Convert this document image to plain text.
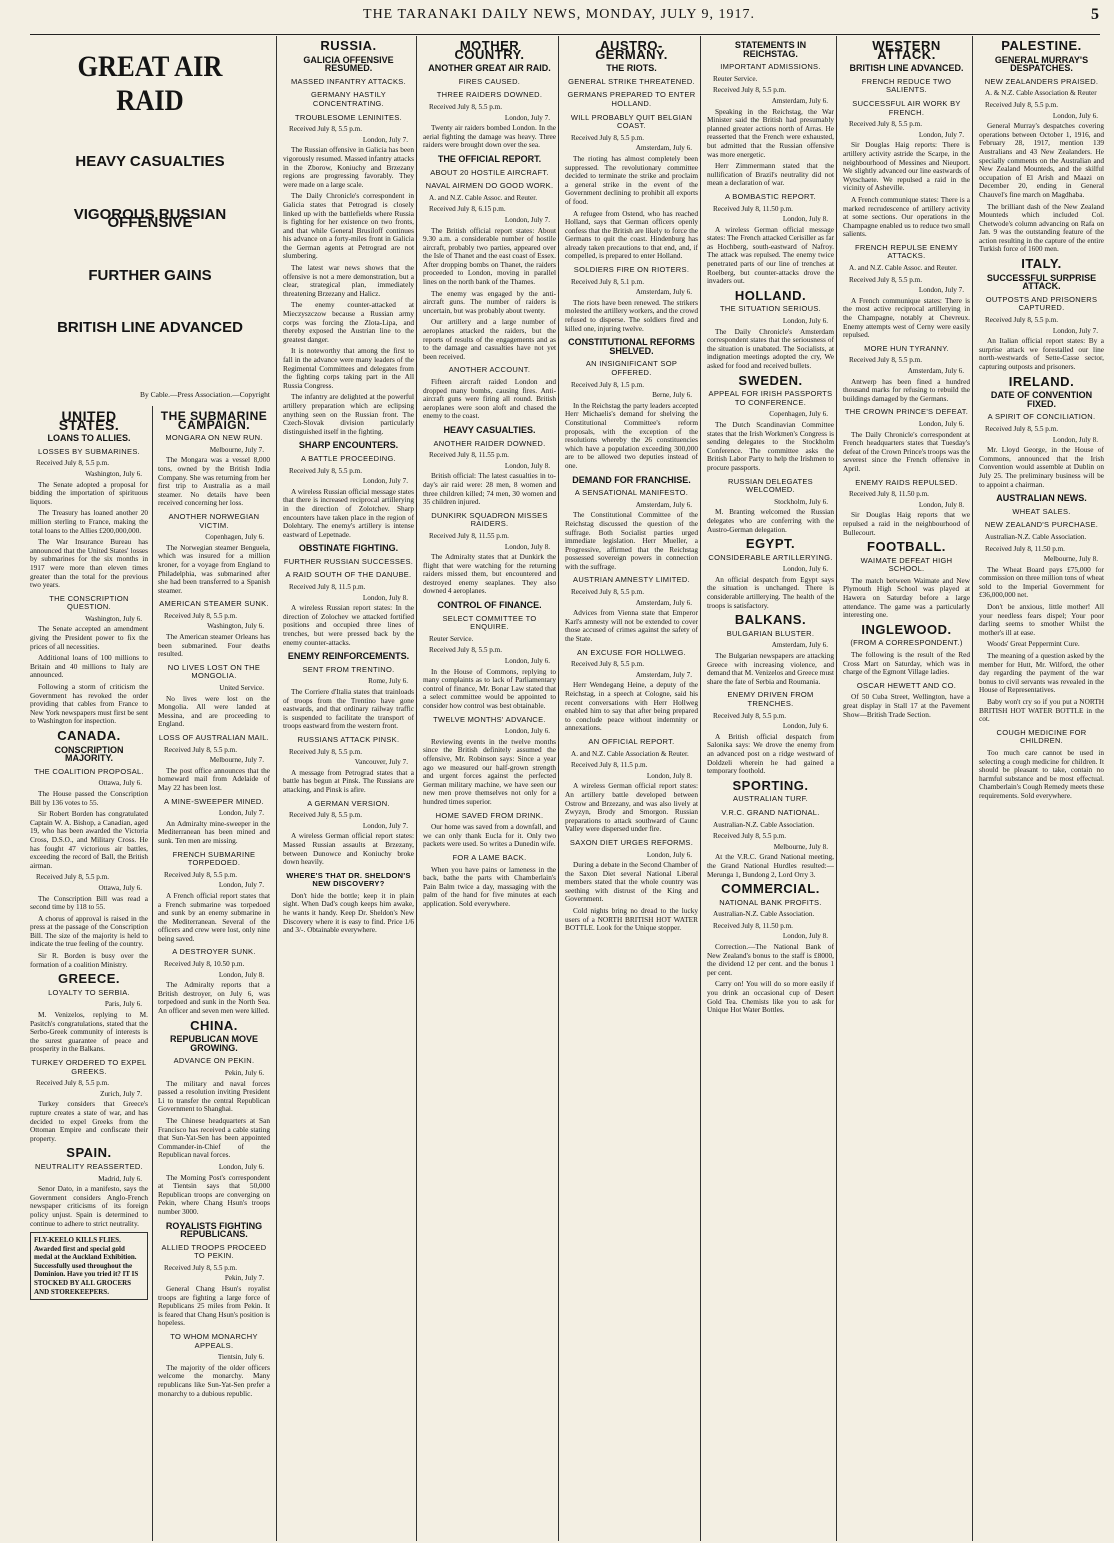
THE TARANAKI DAILY NEWS, MONDAY, JULY 9, 1917.	5
GREAT AIR RAID
HEAVY CASUALTIES
VIGOROUS RUSSIAN OFFENSIVE
FURTHER GAINS
BRITISH LINE ADVANCED
By Cable.—Press Association.—Copyright
UNITED STATES.
LOANS TO ALLIES.
LOSSES BY SUBMARINES.
Received July 8, 5.5 p.m.
Washington, July 6.

The Senate adopted a proposal for bidding the importation of spirituous liquors.

The Treasury has loaned another 20 million sterling to France, making the total loans to the Allies £200,000,000.

The War Insurance Bureau has announced that the United States' losses by submarines for the six months in 1917 were more than eleven times greater than the total for the previous two years.

THE CONSCRIPTION QUESTION.
Washington, July 6.

The Senate accepted an amendment giving the President power to fix the prices of all necessities.

Additional loans of 100 millions to Britain and 40 millions to Italy are announced.

Following a storm of criticism the Government has revoked the order providing that cables from France to New York newspapers must first be sent to Washington for inspection.

CANADA.
CONSCRIPTION MAJORITY.
THE COALITION PROPOSAL.
Ottawa, July 6.

The House passed the Conscription Bill by 136 votes to 55.

Sir Robert Borden has congratulated Captain W. A. Bishop, a Canadian, aged 19, who has been awarded the Victoria Cross, D.S.O., and Military Cross. He has fought 47 victorious air battles, exceeding the record of Ball, the British airman.

Received July 8, 5.5 p.m.
Ottawa, July 6.

The Conscription Bill was read a second time by 118 to 55.

A chorus of approval is raised in the press at the passage of the Conscription Bill. The size of the majority is held to indicate the true feeling of the country.

Sir R. Borden is busy over the formation of a coalition Ministry.

GREECE.
LOYALTY TO SERBIA.
Paris, July 6.

M. Venizelos, replying to M. Pasitch's congratulations, stated that the Serbo-Greek community of interests is the surest guarantee of peace and prosperity in the Balkans.

TURKEY ORDERED TO EXPEL GREEKS.
Received July 8, 5.5 p.m.
Zurich, July 7.

Turkey considers that Greece's rupture creates a state of war, and has decided to expel Greeks from the Ottoman Empire and confiscate their property.

SPAIN.
NEUTRALITY REASSERTED.
Madrid, July 6.

Senor Dato, in a manifesto, says the Government considers Anglo-French newspaper criticisms of its foreign policy unjust. Spain is determined to continue to adhere to strict neutrality.

FLY-KEELO KILLS FLIES. Awarded first and special gold medal at the Auckland Exhibition. Successfully used throughout the Dominion. Have you tried it? IT IS STOCKED BY ALL GROCERS AND STOREKEEPERS.
THE SUBMARINE CAMPAIGN.
MONGARA ON NEW RUN.
Melbourne, July 7.

The Mongara was a vessel 8,000 tons, owned by the British India Company. She was returning from her first trip to Australia as a mail steamer. No details have been received concerning her loss.

ANOTHER NORWEGIAN VICTIM.
Copenhagen, July 6.

The Norwegian steamer Benguela, which was insured for a million kroner, for a voyage from England to Philadelphia, was submarined after she had been transferred to a Spanish steamer.

AMERICAN STEAMER SUNK.
Received July 8, 5.5 p.m.
Washington, July 6.

The American steamer Orleans has been submarined. Four deaths resulted.

NO LIVES LOST ON THE MONGOLIA.
United Service.

No lives were lost on the Mongolia. All were landed at Messina, and are proceeding to England.

LOSS OF AUSTRALIAN MAIL.
Received July 8, 5.5 p.m.
Melbourne, July 7.

The post office announces that the homeward mail from Adelaide of May 22 has been lost.

A MINE-SWEEPER MINED.
London, July 7.

An Admiralty mine-sweeper in the Mediterranean has been mined and sunk. Ten men are missing.

FRENCH SUBMARINE TORPEDOED.
Received July 8, 5.5 p.m.
London, July 7.

A French official report states that a French submarine was torpedoed and sunk by an enemy submarine in the Mediterranean. Several of the officers and crew were lost, only nine being saved.

A DESTROYER SUNK.
Received July 8, 10.50 p.m.
London, July 8.

The Admiralty reports that a British destroyer, on July 6, was torpedoed and sunk in the North Sea. An officer and seven men were killed.

CHINA.
REPUBLICAN MOVE GROWING.
ADVANCE ON PEKIN.
Pekin, July 6.

The military and naval forces passed a resolution inviting President Li to transfer the central Republican Government to Shanghai.

The Chinese headquarters at San Francisco has received a cable stating that Sun-Yat-Sen has been appointed Commander-in-Chief of the Republican naval forces.

London, July 6.

The Morning Post's correspondent at Tientsin says that 50,000 Republican troops are converging on Pekin, where Chang Hsun's troops number 3000.

ROYALISTS FIGHTING REPUBLICANS.
ALLIED TROOPS PROCEED TO PEKIN.
Received July 8, 5.5 p.m.
Pekin, July 7.

General Chang Hsun's royalist troops are fighting a large force of Republicans 25 miles from Pekin. It is feared that Chang Hsun's position is hopeless.

TO WHOM MONARCHY APPEALS.
Tientsin, July 6.

The majority of the older officers welcome the monarchy. Many republicans like Sun-Yat-Sen prefer a monarchy to a dubious republic.

RUSSIA.
GALICIA OFFENSIVE RESUMED.
MASSED INFANTRY ATTACKS.
GERMANY HASTILY CONCENTRATING.
TROUBLESOME LENINITES.
Received July 8, 5.5 p.m.
London, July 7.

The Russian offensive in Galicia has been vigorously resumed. Massed infantry attacks in the Zborow, Koniuchy and Brzezany regions are progressing favorably. They were made on a large scale.

The Daily Chronicle's correspondent in Galicia states that Petrograd is closely linked up with the battlefields where Russia is fighting for her existence on two fronts, and that while General Brusiloff continues his advance on a forty-miles front in Galicia the German agents at Petrograd are not slumbering.

The latest war news shows that the offensive is not a mere demonstration, but a clear, strategical plan, immediately threatening Brzezany and Halicz.

The enemy counter-attacked at Mieczyszczow because a Russian army corps was forcing the Zlota-Lipa, and thereby exposed the Austrian line to the greatest danger.

It is noteworthy that among the first to fall in the advance were many leaders of the Regimental Committees and delegates from the fighting corps taking part in the All Russia Congress.

The infantry are delighted at the powerful artillery preparation which are eclipsing anything seen on the Russian front. The Czech-Slovak division particularly distinguished itself in the fighting.

SHARP ENCOUNTERS.
A BATTLE PROCEEDING.
Received July 8, 5.5 p.m.
London, July 7.

A wireless Russian official message states that there is increased reciprocal artillerying in the direction of Zolotchev. Sharp encounters have taken place in the region of Dolehtary. The enemy's artillery is intense eastward of Lepetnade.

OBSTINATE FIGHTING.
FURTHER RUSSIAN SUCCESSES.
A RAID SOUTH OF THE DANUBE.
Received July 8, 11.5 p.m.
London, July 8.

A wireless Russian report states: In the direction of Zolochev we attacked fortified positions and occupied three lines of trenches, but were pressed back by the enemy counter-attacks.

ENEMY REINFORCEMENTS.
SENT FROM TRENTINO.
Rome, July 6.

The Corriere d'Italia states that trainloads of troops from the Trentino have gone eastwards, and that ordinary railway traffic is suspended to facilitate the transport of troops eastward from the western front.

RUSSIANS ATTACK PINSK.
Received July 8, 5.5 p.m.
Vancouver, July 7.

A message from Petrograd states that a battle has begun at Pinsk. The Russians are attacking, and Pinsk is afire.

A GERMAN VERSION.
Received July 8, 5.5 p.m.
London, July 7.

A wireless German official report states: Massed Russian assaults at Brzezany, between Dunowce and Koniuchy broke down heavily.

WHERE'S THAT DR. SHELDON'S NEW DISCOVERY?

Don't hide the bottle; keep it in plain sight. When Dad's cough keeps him awake, he wants it handy. Keep Dr. Sheldon's New Discovery where it is easy to find. Price 1/6 and 3/-. Obtainable everywhere.

MOTHER COUNTRY.
ANOTHER GREAT AIR RAID.
FIRES CAUSED.
THREE RAIDERS DOWNED.
Received July 8, 5.5 p.m.
London, July 7.

Twenty air raiders bombed London. In the aerial fighting the damage was heavy. Three raiders were brought down over the sea.

THE OFFICIAL REPORT.
ABOUT 20 HOSTILE AIRCRAFT.
NAVAL AIRMEN DO GOOD WORK.
A. and N.Z. Cable Assoc. and Reuter.
Received July 8, 6.15 p.m.
London, July 7.

The British official report states: About 9.30 a.m. a considerable number of hostile aircraft, probably two parties, appeared over the Isle of Thanet and the east coast of Essex. After dropping bombs on Thanet, the raiders proceeded to London, moving in parallel lines on the north bank of the Thames.

The enemy was engaged by the anti-aircraft guns. The number of raiders is uncertain, but was probably about twenty.

Our artillery and a large number of aeroplanes attacked the raiders, but the reports of results of the engagements and as to the damage and casualties have not yet been received.

ANOTHER ACCOUNT.

Fifteen aircraft raided London and dropped many bombs, causing fires. Anti-aircraft guns were firing all round. British aeroplanes were soon aloft and chased the enemy to the coast.

HEAVY CASUALTIES.
ANOTHER RAIDER DOWNED.
Received July 8, 11.55 p.m.
London, July 8.

British official: The latest casualties in to-day's air raid were: 28 men, 8 women and three children killed; 74 men, 30 women and 35 children injured.

DUNKIRK SQUADRON MISSES RAIDERS.
Received July 8, 11.55 p.m.
London, July 8.

The Admiralty states that at Dunkirk the flight that were watching for the returning raiders missed them, but encountered and destroyed enemy seaplanes. They also downed 4 aeroplanes.

CONTROL OF FINANCE.
SELECT COMMITTEE TO ENQUIRE.
Reuter Service.
Received July 8, 5.5 p.m.
London, July 6.

In the House of Commons, replying to many complaints as to lack of Parliamentary control of finance, Mr. Bonar Law stated that a select committee would be appointed to consider how control was best obtainable.

TWELVE MONTHS' ADVANCE.
London, July 6.

Reviewing events in the twelve months since the British definitely assumed the offensive, Mr. Robinson says: Since a year ago we measured our half-grown strength and urgent forces against the perfected German military machine, we have seen our new men prove themselves not only for a hundred times superior.

HOME SAVED FROM DRINK.

Our home was saved from a downfall, and we can only thank Eucla for it. Only two packets were used. So writes a Dunedin wife.

FOR A LAME BACK.

When you have pains or lameness in the back, bathe the parts with Chamberlain's Pain Balm twice a day, massaging with the palm of the hand for five minutes at each application. Sold everywhere.

AUSTRO-GERMANY.
THE RIOTS.
GENERAL STRIKE THREATENED.
GERMANS PREPARED TO ENTER HOLLAND.
WILL PROBABLY QUIT BELGIAN COAST.
Received July 8, 5.5 p.m.
Amsterdam, July 6.

The rioting has almost completely been suppressed. The revolutionary committee decided to terminate the strike and proclaim a general strike in the event of the Government declining to prohibit all exports of food.

A refugee from Ostend, who has reached Holland, says that German officers openly confess that the British are likely to force the Germans to quit the coast. Hindenburg has already taken precautions to that end, and, if compelled, is prepared to enter Holland.

SOLDIERS FIRE ON RIOTERS.
Received July 8, 5.1 p.m.
Amsterdam, July 6.

The riots have been renewed. The strikers molested the artillery workers, and the crowd refused to disperse. The soldiers fired and killed one, injuring twelve.

CONSTITUTIONAL REFORMS SHELVED.
AN INSIGNIFICANT SOP OFFERED.
Received July 8, 1.5 p.m.
Berne, July 6.

In the Reichstag the party leaders accepted Herr Michaelis's demand for shelving the Constitutional Committee's reform proposals, with the exception of the resolutions whereby the 26 constituencies which have a population exceeding 300,000 are to be allowed two deputies instead of one.

DEMAND FOR FRANCHISE.
A SENSATIONAL MANIFESTO.
Amsterdam, July 6.

The Constitutional Committee of the Reichstag discussed the question of the suffrage. Both Socialist parties urged immediate legislation. Herr Mueller, a Progressive, affirmed that the Reichstag possessed sovereign powers in connection with the suffrage.

AUSTRIAN AMNESTY LIMITED.
Received July 8, 5.5 p.m.
Amsterdam, July 6.

Advices from Vienna state that Emperor Karl's amnesty will not be extended to cover those accused of crimes against the safety of the State.

AN EXCUSE FOR HOLLWEG.
Received July 8, 5.5 p.m.
Amsterdam, July 7.

Herr Wendegang Heine, a deputy of the Reichstag, in a speech at Cologne, said his recent conversations with Herr Hollweg enabled him to say that after being prepared to conclude peace without indemnity or annexations.

AN OFFICIAL REPORT.
A. and N.Z. Cable Association & Reuter.
Received July 8, 11.5 p.m.
London, July 8.

A wireless German official report states: An artillery battle developed between Ostrow and Brzezany, and was also lively at Zwyzyn, Brody and Smorgon. Russian preparations to attack southward of Caunc Valley were dispersed under fire.

SAXON DIET URGES REFORMS.
London, July 6.

During a debate in the Second Chamber of the Saxon Diet several National Liberal members stated that the whole country was seething with distrust of the King and Government.

Cold nights bring no dread to the lucky users of a NORTH BRITISH HOT WATER BOTTLE. Look for the Unique stopper.

STATEMENTS IN REICHSTAG.
IMPORTANT ADMISSIONS.
Reuter Service.
Received July 8, 5.5 p.m.
Amsterdam, July 6.

Speaking in the Reichstag, the War Minister said the British had presumably planned greater actions north of Arras. He reasserted that the French were exhausted, but admitted that the Russian offensive was more energetic.

Herr Zimmermann stated that the nullification of Brazil's neutrality did not mean a declaration of war.

A BOMBASTIC REPORT.
Received July 8, 11.50 p.m.
London, July 8.

A wireless German official message states: The French attacked Cerisiller as far as Hochberg, south-eastward of Nafroy. The attack was repulsed. The enemy twice penetrated parts of our line of trenches at Roelberg, but counter-attacks drove the invaders out.

HOLLAND.
THE SITUATION SERIOUS.
London, July 6.

The Daily Chronicle's Amsterdam correspondent states that the seriousness of the situation is unabated. The Socialists, at indignation meetings adopted the cry, We asked for food and received bullets.

SWEDEN.
APPEAL FOR IRISH PASSPORTS TO CONFERENCE.
Copenhagen, July 6.

The Dutch Scandinavian Committee states that the Irish Workmen's Congress is sending delegates to the Stockholm Conference. The committee asks the British Labor Party to help the Irishmen to procure passports.

RUSSIAN DELEGATES WELCOMED.
Stockholm, July 6.

M. Branting welcomed the Russian delegates who are conferring with the Austro-German delegation.

EGYPT.
CONSIDERABLE ARTILLERYING.
London, July 6.

An official despatch from Egypt says the situation is unchanged. There is considerable artillerying. The health of the troops is satisfactory.

BALKANS.
BULGARIAN BLUSTER.
Amsterdam, July 6.

The Bulgarian newspapers are attacking Greece with increasing violence, and demand that M. Venizelos and Greece must share the fate of Serbia and Roumania.

ENEMY DRIVEN FROM TRENCHES.
Received July 8, 5.5 p.m.
London, July 6.

A British official despatch from Salonika says: We drove the enemy from an advanced post on a ridge westward of Doldzeli wherein he had gained a temporary foothold.

SPORTING.
AUSTRALIAN TURF.
V.R.C. GRAND NATIONAL.
Australian-N.Z. Cable Association.
Received July 8, 5.5 p.m.
Melbourne, July 8.

At the V.R.C. Grand National meeting, the Grand National Hurdles resulted:—Merunga 1, Bundong 2, Lord Orry 3.

COMMERCIAL.
NATIONAL BANK PROFITS.
Australian-N.Z. Cable Association.
Received July 8, 11.50 p.m.
London, July 8.

Correction.—The National Bank of New Zealand's bonus to the staff is £8000, the dividend 12 per cent. and the bonus 1 per cent.

Carry on! You will do so more easily if you drink an occasional cup of Desert Gold Tea. Chemists like you to ask for Unique Hot Water Bottles.

WESTERN ATTACK.
BRITISH LINE ADVANCED.
FRENCH REDUCE TWO SALIENTS.
SUCCESSFUL AIR WORK BY FRENCH.
Received July 8, 5.5 p.m.
London, July 7.

Sir Douglas Haig reports: There is artillery activity astride the Scarpe, in the neighbourhood of Messines and Nieuport. We slightly advanced our line eastwards of Wytschaete. We repulsed a raid in the vicinity of Asheville.

A French communique states: There is a marked recrudescence of artillery activity at some sections. Our operations in the Champagne enabled us to reduce two small salients.

FRENCH REPULSE ENEMY ATTACKS.
A. and N.Z. Cable Assoc. and Reuter.
Received July 8, 5.5 p.m.
London, July 7.

A French communique states: There is the most active reciprocal artillerying in the Champagne, notably at Chevreux. Enemy attempts west of Cerny were easily repulsed.

MORE HUN TYRANNY.
Received July 8, 5.5 p.m.
Amsterdam, July 6.

Antwerp has been fined a hundred thousand marks for refusing to rebuild the buildings damaged by the Germans.

THE CROWN PRINCE'S DEFEAT.
London, July 6.

The Daily Chronicle's correspondent at French headquarters states that Tuesday's defeat of the Crown Prince's troops was the severest since the French offensive in April.

ENEMY RAIDS REPULSED.
Received July 8, 11.50 p.m.
London, July 8.

Sir Douglas Haig reports that we repulsed a raid in the neighbourhood of Bullecourt.

FOOTBALL.
WAIMATE DEFEAT HIGH SCHOOL.

The match between Waimate and New Plymouth High School was played at Hawera on Saturday before a large attendance. The game was a particularly interesting one.

INGLEWOOD.
(FROM A CORRESPONDENT.)

The following is the result of the Red Cross Mart on Saturday, which was in charge of the Egmont Village ladies.

OSCAR HEWETT AND CO.

Of 50 Cuba Street, Wellington, have a great display in Stall 17 at the Pavement Show—British Trade Section.

PALESTINE.
GENERAL MURRAY'S DESPATCHES.
NEW ZEALANDERS PRAISED.
A. & N.Z. Cable Association & Reuter
Received July 8, 5.5 p.m.
London, July 6.

General Murray's despatches covering operations between October 1, 1916, and February 28, 1917, mention 139 Australians and 43 New Zealanders. He specially comments on the Australian and New Zealand Mounteds, and the skilful occupation of El Arish and Maazi on December 20, ending in General Chauvel's fine march on Magdhaba.

The brilliant dash of the New Zealand Mounteds which included Col. Chetwode's column advancing on Rafa on Jan. 9 was the outstanding feature of the action resulting in the capture of the entire Turkish force of 1600 men.

ITALY.
SUCCESSFUL SURPRISE ATTACK.
OUTPOSTS AND PRISONERS CAPTURED.
Received July 8, 5.5 p.m.
London, July 7.

An Italian official report states: By a surprise attack we forestalled our line north-westwards of Sette-Casse sector, capturing outposts and prisoners.

IRELAND.
DATE OF CONVENTION FIXED.
A SPIRIT OF CONCILIATION.
Received July 8, 5.5 p.m.
London, July 8.

Mr. Lloyd George, in the House of Commons, announced that the Irish Convention would assemble at Dublin on July 25. The preliminary business will be to appoint a chairman.

AUSTRALIAN NEWS.
WHEAT SALES.
NEW ZEALAND'S PURCHASE.
Australian-N.Z. Cable Association.
Received July 8, 11.50 p.m.
Melbourne, July 8.

The Wheat Board pays £75,000 for commission on three million tons of wheat sold to the Imperial Government for £36,000,000 net.

Don't be anxious, little mother! All your needless fears dispel; Your poor darling seems to smother Whilst the mother's ill at ease.

Woods' Great Peppermint Cure.

The meaning of a question asked by the member for Hutt, Mr. Wilford, the other day regarding the payment of the war bonus to civil servants was revealed in the House of Representatives.

Baby won't cry so if you put a NORTH BRITISH HOT WATER BOTTLE in the cot.

COUGH MEDICINE FOR CHILDREN.

Too much care cannot be used in selecting a cough medicine for children. It should be pleasant to take, contain no harmful substance and be most effectual. Chamberlain's Cough Remedy meets these requirements. Sold everywhere.
